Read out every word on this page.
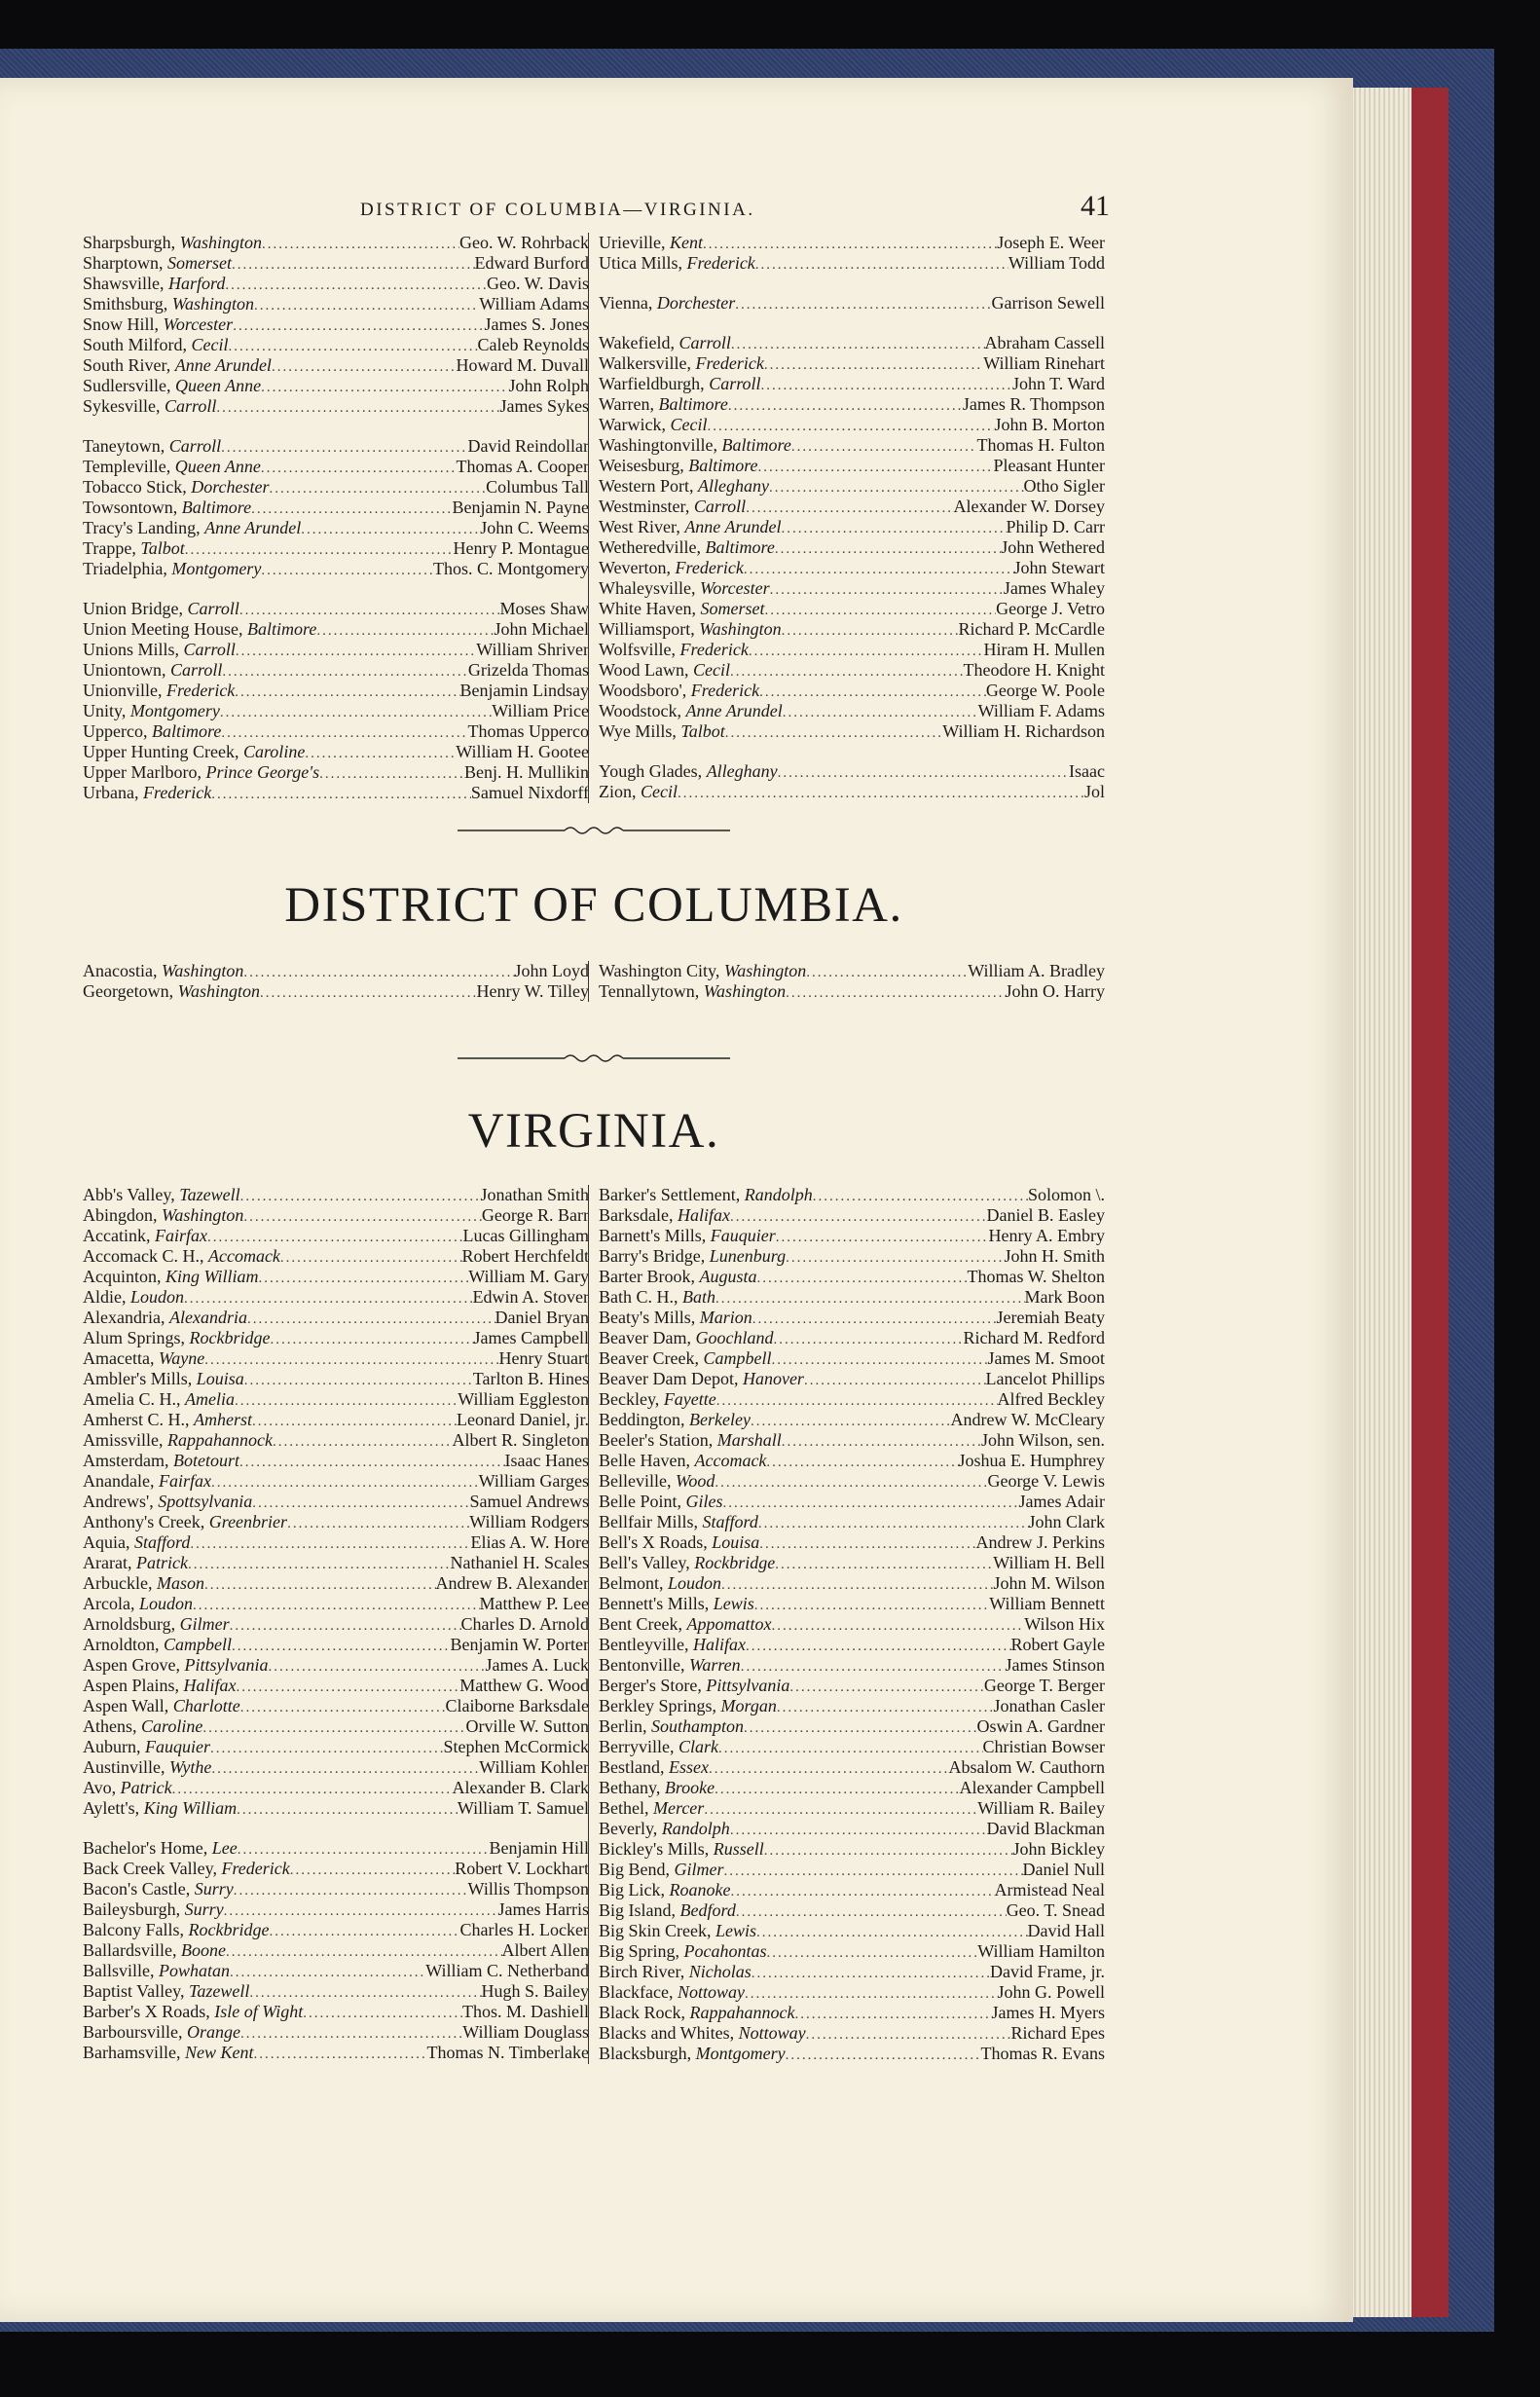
DISTRICT OF COLUMBIA—VIRGINIA.	41
Sharpsburgh, Washington .....	Geo. W. Rohrback
Sharptown, Somerset .....	Edward Burford
Shawsville, Harford .....	Geo. W. Davis
Smithsburg, Washington .....	William Adams
Snow Hill, Worcester .....	James S. Jones
South Milford, Cecil .....	Caleb Reynolds
South River, Anne Arundel .....	Howard M. Duvall
Sudlersville, Queen Anne .....	John Rolph
Sykesville, Carroll .....	James Sykes
Taneytown, Carroll .....	David Reindollar
Templeville, Queen Anne .....	Thomas A. Cooper
Tobacco Stick, Dorchester .....	Columbus Tall
Towsontown, Baltimore .....	Benjamin N. Payne
Tracy's Landing, Anne Arundel .....	John C. Weems
Trappe, Talbot .....	Henry P. Montague
Triadelphia, Montgomery .....	Thos. C. Montgomery
Union Bridge, Carroll .....	Moses Shaw
Union Meeting House, Baltimore .....	John Michael
Unions Mills, Carroll .....	William Shriver
Uniontown, Carroll .....	Grizelda Thomas
Unionville, Frederick .....	Benjamin Lindsay
Unity, Montgomery .....	William Price
Upperco, Baltimore .....	Thomas Upperco
Upper Hunting Creek, Caroline .....	William H. Gootee
Upper Marlboro, Prince George's .....	Benj. H. Mullikin
Urbana, Frederick .....	Samuel Nixdorff
Urieville, Kent .....	Joseph E. Weer
Utica Mills, Frederick .....	William Todd
Vienna, Dorchester .....	Garrison Sewell
Wakefield, Carroll .....	Abraham Cassell
Walkersville, Frederick .....	William Rinehart
Warfieldburgh, Carroll .....	John T. Ward
Warren, Baltimore .....	James R. Thompson
Warwick, Cecil .....	John B. Morton
Washingtonville, Baltimore .....	Thomas H. Fulton
Weisesburg, Baltimore .....	Pleasant Hunter
Western Port, Alleghany .....	Otho Sigler
Westminster, Carroll .....	Alexander W. Dorsey
West River, Anne Arundel .....	Philip D. Carr
Wetheredville, Baltimore .....	John Wethered
Weverton, Frederick .....	John Stewart
Whaleysville, Worcester .....	James Whaley
White Haven, Somerset .....	George J. Vetro
Williamsport, Washington .....	Richard P. McCardle
Wolfsville, Frederick .....	Hiram H. Mullen
Wood Lawn, Cecil .....	Theodore H. Knight
Woodsboro', Frederick .....	George W. Poole
Woodstock, Anne Arundel .....	William F. Adams
Wye Mills, Talbot .....	William H. Richardson
Yough Glades, Alleghany .....	Isaac
Zion, Cecil .....	Jol
DISTRICT OF COLUMBIA.
Anacostia, Washington .....	John Loyd
Georgetown, Washington .....	Henry W. Tilley
Washington City, Washington .....	William A. Bradley
Tennallytown, Washington .....	John O. Harry
VIRGINIA.
Abb's Valley, Tazewell .....	Jonathan Smith
Abingdon, Washington .....	George R. Barr
Accatink, Fairfax .....	Lucas Gillingham
Accomack C. H., Accomack .....	Robert Herchfeldt
Acquinton, King William .....	William M. Gary
Aldie, Loudon .....	Edwin A. Stover
Alexandria, Alexandria .....	Daniel Bryan
Alum Springs, Rockbridge .....	James Campbell
Amacetta, Wayne .....	Henry Stuart
Ambler's Mills, Louisa .....	Tarlton B. Hines
Amelia C. H., Amelia .....	William Eggleston
Amherst C. H., Amherst .....	Leonard Daniel, jr.
Amissville, Rappahannock .....	Albert R. Singleton
Amsterdam, Botetourt .....	Isaac Hanes
Anandale, Fairfax .....	William Garges
Andrews', Spottsylvania .....	Samuel Andrews
Anthony's Creek, Greenbrier .....	William Rodgers
Aquia, Stafford .....	Elias A. W. Hore
Ararat, Patrick .....	Nathaniel H. Scales
Arbuckle, Mason .....	Andrew B. Alexander
Arcola, Loudon .....	Matthew P. Lee
Arnoldsburg, Gilmer .....	Charles D. Arnold
Arnoldton, Campbell .....	Benjamin W. Porter
Aspen Grove, Pittsylvania .....	James A. Luck
Aspen Plains, Halifax .....	Matthew G. Wood
Aspen Wall, Charlotte .....	Claiborne Barksdale
Athens, Caroline .....	Orville W. Sutton
Auburn, Fauquier .....	Stephen McCormick
Austinville, Wythe .....	William Kohler
Avo, Patrick .....	Alexander B. Clark
Aylett's, King William .....	William T. Samuel
Bachelor's Home, Lee .....	Benjamin Hill
Back Creek Valley, Frederick .....	Robert V. Lockhart
Bacon's Castle, Surry .....	Willis Thompson
Baileysburgh, Surry .....	James Harris
Balcony Falls, Rockbridge .....	Charles H. Locker
Ballardsville, Boone .....	Albert Allen
Ballsville, Powhatan .....	William C. Netherband
Baptist Valley, Tazewell .....	Hugh S. Bailey
Barber's X Roads, Isle of Wight .....	Thos. M. Dashiell
Barboursville, Orange .....	William Douglass
Barhamsville, New Kent .....	Thomas N. Timberlake
Barker's Settlement, Randolph .....	Solomon \.
Barksdale, Halifax .....	Daniel B. Easley
Barnett's Mills, Fauquier .....	Henry A. Embry
Barry's Bridge, Lunenburg .....	John H. Smith
Barter Brook, Augusta .....	Thomas W. Shelton
Bath C. H., Bath .....	Mark Boon
Beaty's Mills, Marion .....	Jeremiah Beaty
Beaver Dam, Goochland .....	Richard M. Redford
Beaver Creek, Campbell .....	James M. Smoot
Beaver Dam Depot, Hanover .....	Lancelot Phillips
Beckley, Fayette .....	Alfred Beckley
Beddington, Berkeley .....	Andrew W. McCleary
Beeler's Station, Marshall .....	John Wilson, sen.
Belle Haven, Accomack .....	Joshua E. Humphrey
Belleville, Wood .....	George V. Lewis
Belle Point, Giles .....	James Adair
Bellfair Mills, Stafford .....	John Clark
Bell's X Roads, Louisa .....	Andrew J. Perkins
Bell's Valley, Rockbridge .....	William H. Bell
Belmont, Loudon .....	John M. Wilson
Bennett's Mills, Lewis .....	William Bennett
Bent Creek, Appomattox .....	Wilson Hix
Bentleyville, Halifax .....	Robert Gayle
Bentonville, Warren .....	James Stinson
Berger's Store, Pittsylvania .....	George T. Berger
Berkley Springs, Morgan .....	Jonathan Casler
Berlin, Southampton .....	Oswin A. Gardner
Berryville, Clark .....	Christian Bowser
Bestland, Essex .....	Absalom W. Cauthorn
Bethany, Brooke .....	Alexander Campbell
Bethel, Mercer .....	William R. Bailey
Beverly, Randolph .....	David Blackman
Bickley's Mills, Russell .....	John Bickley
Big Bend, Gilmer .....	Daniel Null
Big Lick, Roanoke .....	Armistead Neal
Big Island, Bedford .....	Geo. T. Snead
Big Skin Creek, Lewis .....	David Hall
Big Spring, Pocahontas .....	William Hamilton
Birch River, Nicholas .....	David Frame, jr.
Blackface, Nottoway .....	John G. Powell
Black Rock, Rappahannock .....	James H. Myers
Blacks and Whites, Nottoway .....	Richard Epes
Blacksburgh, Montgomery .....	Thomas R. Evans
